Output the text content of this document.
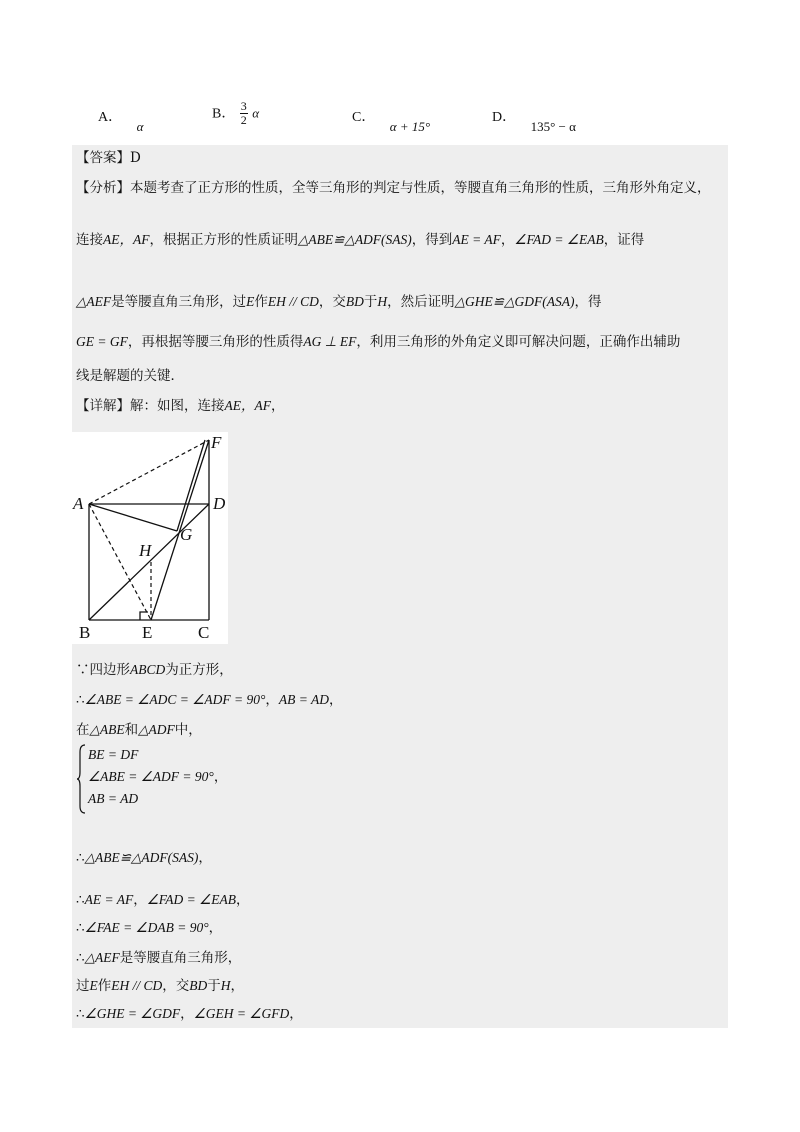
A． α
B． $\frac{3}{2}$ α	C． α + 15°
D． 135° − α
【答案】D
【分析】本题考查了正方形的性质，全等三角形的判定与性质，等腰直角三角形的性质，三角形外角定义，
连接AE，AF，根据正方形的性质证明△ABE≌△ADF(SAS)，得到AE = AF，∠FAD = ∠EAB，证得
△AEF是等腰直角三角形，过E作EH // CD，交BD于H，然后证明△GHE≌△GDF(ASA)，得
GE = GF，再根据等腰三角形的性质得AG ⊥ EF，利用三角形的外角定义即可解决问题，正确作出辅助
线是解题的关键．
【详解】解：如图，连接AE，AF，
A	D
F
G
H
B	E	C
∵四边形ABCD为正方形，
∴∠ABE = ∠ADC = ∠ADF = 90°，AB = AD，
在△ABE和△ADF中，
BE = DF
∠ABE = ∠ADF = 90°，
AB = AD
∴△ABE≌△ADF(SAS)，
∴AE = AF，∠FAD = ∠EAB，
∴∠FAE = ∠DAB = 90°，
∴△AEF是等腰直角三角形，
过E作EH // CD，交BD于H，
∴∠GHE = ∠GDF，∠GEH = ∠GFD，
